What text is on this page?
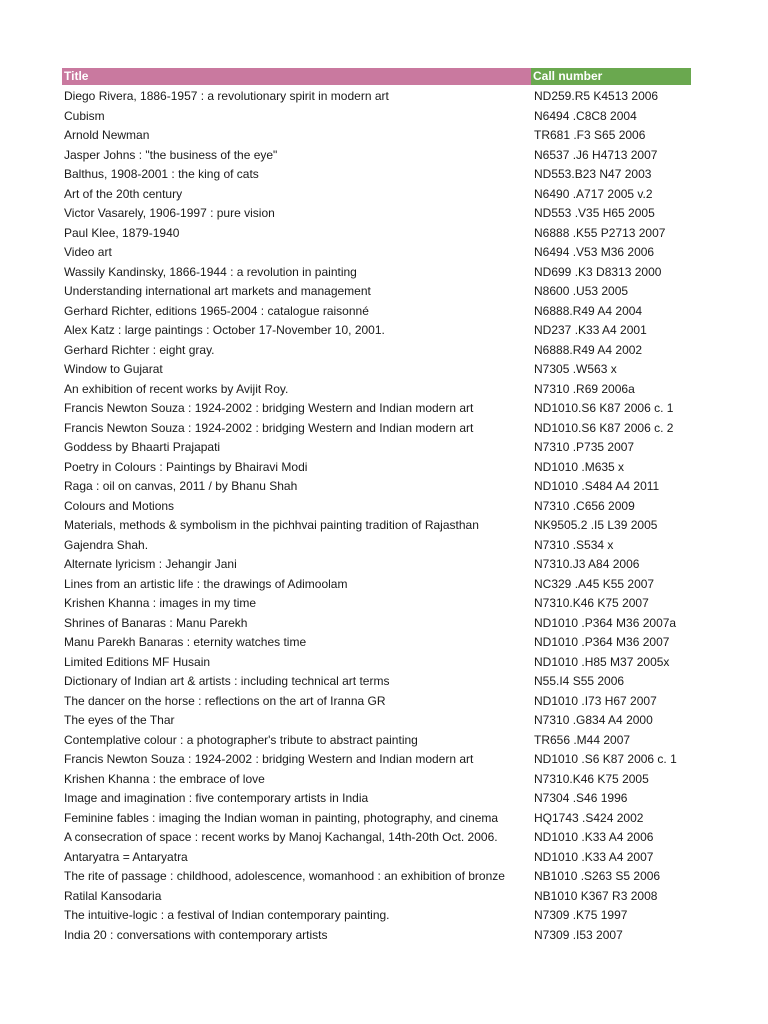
Title	Call number
Diego Rivera, 1886-1957 : a revolutionary spirit in modern art	ND259.R5 K4513 2006
Cubism	N6494 .C8C8 2004
Arnold Newman	TR681 .F3 S65 2006
Jasper Johns : "the business of the eye"	N6537 .J6 H4713 2007
Balthus, 1908-2001 : the king of cats	ND553.B23 N47 2003
Art of the 20th century	N6490 .A717 2005 v.2
Victor Vasarely, 1906-1997 : pure vision	ND553 .V35 H65 2005
Paul Klee, 1879-1940	N6888 .K55 P2713 2007
Video art	N6494 .V53 M36 2006
Wassily Kandinsky, 1866-1944 : a revolution in painting	ND699 .K3 D8313 2000
Understanding international art markets and management	N8600 .U53 2005
Gerhard Richter, editions 1965-2004 : catalogue raisonné	N6888.R49 A4 2004
Alex Katz : large paintings : October 17-November 10, 2001.	ND237 .K33 A4 2001
Gerhard Richter : eight gray.	N6888.R49 A4 2002
Window to Gujarat	N7305 .W563 x
An exhibition of recent works by Avijit Roy.	N7310 .R69 2006a
Francis Newton Souza : 1924-2002 : bridging Western and Indian modern art	ND1010.S6 K87 2006 c. 1
Francis Newton Souza : 1924-2002 : bridging Western and Indian modern art	ND1010.S6 K87 2006 c. 2
Goddess by Bhaarti Prajapati	N7310 .P735 2007
Poetry in Colours : Paintings by Bhairavi Modi	ND1010 .M635 x
Raga : oil on canvas, 2011 / by Bhanu Shah	ND1010 .S484 A4 2011
Colours and Motions	N7310 .C656 2009
Materials, methods & symbolism in the pichhvai painting tradition of Rajasthan	NK9505.2 .I5 L39 2005
Gajendra Shah.	N7310 .S534 x
Alternate lyricism : Jehangir Jani	N7310.J3 A84 2006
Lines from an artistic life : the drawings of Adimoolam	NC329 .A45 K55 2007
Krishen Khanna : images in my time	N7310.K46 K75 2007
Shrines of Banaras : Manu Parekh	ND1010 .P364 M36 2007a
Manu Parekh Banaras : eternity watches time	ND1010 .P364 M36 2007
Limited Editions MF Husain	ND1010 .H85 M37 2005x
Dictionary of Indian art & artists : including technical art terms	N55.I4 S55 2006
The dancer on the horse : reflections on the art of Iranna GR	ND1010 .I73 H67 2007
The eyes of the Thar	N7310 .G834 A4 2000
Contemplative colour : a photographer's tribute to abstract painting	TR656 .M44 2007
Francis Newton Souza : 1924-2002 : bridging Western and Indian modern art	ND1010 .S6 K87 2006 c. 1
Krishen Khanna : the embrace of love	N7310.K46 K75 2005
Image and imagination : five contemporary artists in India	N7304 .S46 1996
Feminine fables : imaging the Indian woman in painting, photography, and cinema	HQ1743 .S424 2002
A consecration of space : recent works by Manoj Kachangal, 14th-20th Oct. 2006.	ND1010 .K33 A4 2006
Antaryatra = Antaryatra	ND1010 .K33 A4 2007
The rite of passage : childhood, adolescence, womanhood : an exhibition of bronze	NB1010 .S263 S5 2006
Ratilal Kansodaria	NB1010 K367 R3 2008
The intuitive-logic : a festival of Indian contemporary painting.	N7309 .K75 1997
India 20 : conversations with contemporary artists	N7309 .I53 2007
